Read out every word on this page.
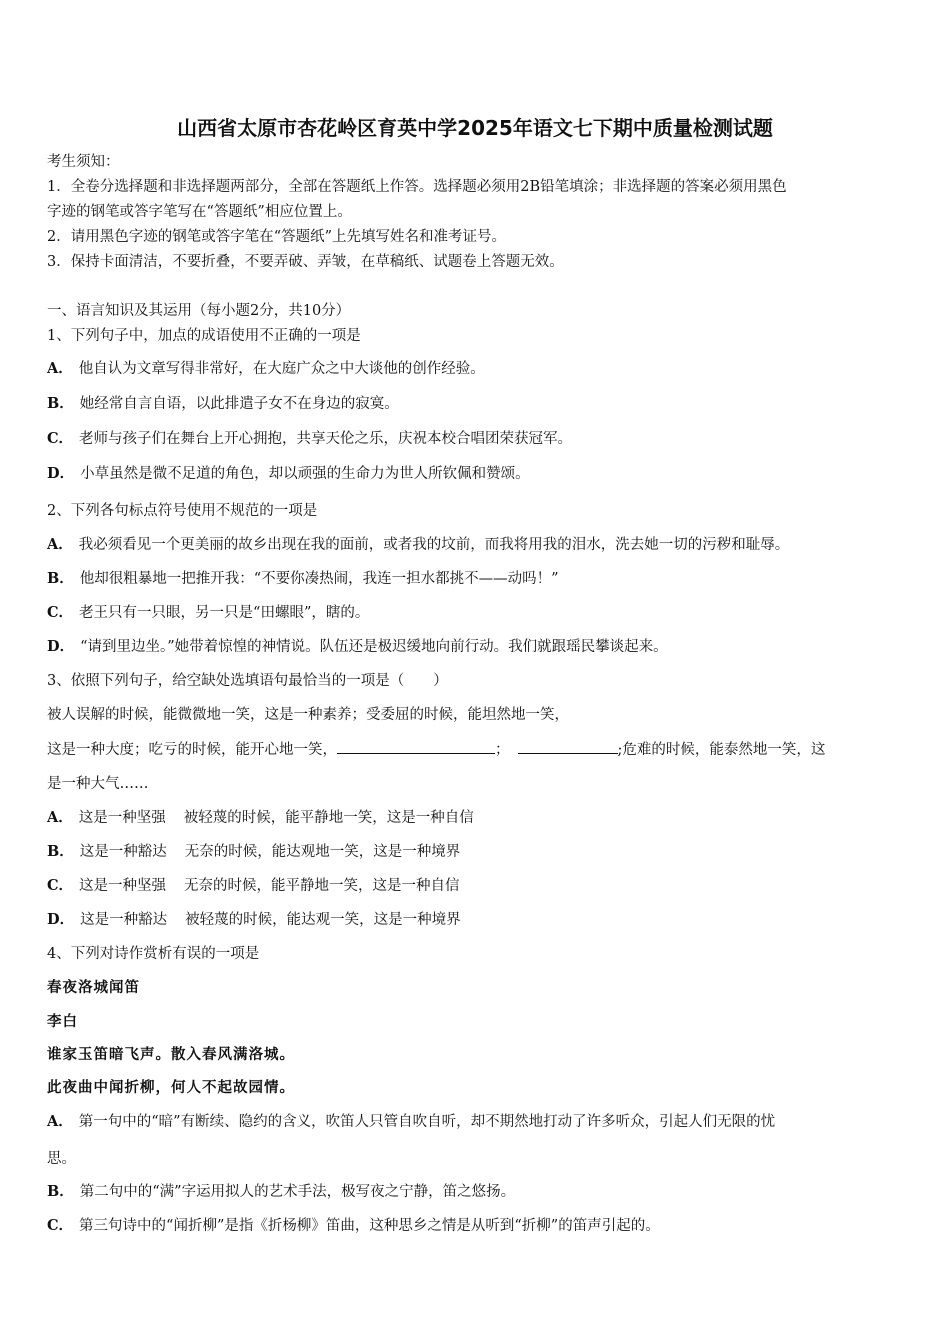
山西省太原市杏花岭区育英中学2025年语文七下期中质量检测试题
考生须知：
1．全卷分选择题和非选择题两部分，全部在答题纸上作答。选择题必须用2B铅笔填涂；非选择题的答案必须用黑色
字迹的钢笔或答字笔写在“答题纸”相应位置上。
2．请用黑色字迹的钢笔或答字笔在“答题纸”上先填写姓名和准考证号。
3．保持卡面清洁，不要折叠，不要弄破、弄皱，在草稿纸、试题卷上答题无效。
一、语言知识及其运用（每小题2分，共10分）
1、下列句子中，加点的成语使用不正确的一项是
A． 他自认为文章写得非常好，在大庭广众之中大谈他的创作经验。
B． 她经常自言自语，以此排遣子女不在身边的寂寞。
C． 老师与孩子们在舞台上开心拥抱，共享天伦之乐，庆祝本校合唱团荣获冠军。
D． 小草虽然是微不足道的角色，却以顽强的生命力为世人所钦佩和赞颂。
2、下列各句标点符号使用不规范的一项是
A． 我必须看见一个更美丽的故乡出现在我的面前，或者我的坟前，而我将用我的泪水，洗去她一切的污秽和耻辱。
B． 他却很粗暴地一把推开我：“不要你凑热闹，我连一担水都挑不——动吗！”
C． 老王只有一只眼，另一只是“田螺眼”，瞎的。
D． “请到里边坐。”她带着惊惶的神情说。队伍还是极迟缓地向前行动。我们就跟瑶民攀谈起来。
3、依照下列句子，给空缺处选填语句最恰当的一项是（　　）
被人误解的时候，能微微地一笑，这是一种素养；受委屈的时候，能坦然地一笑，
这是一种大度；吃亏的时候，能开心地一笑，	；	;危难的时候，能泰然地一笑，这
是一种大气……
A． 这是一种坚强 被轻蔑的时候，能平静地一笑，这是一种自信
B． 这是一种豁达 无奈的时候，能达观地一笑，这是一种境界
C． 这是一种坚强 无奈的时候，能平静地一笑，这是一种自信
D． 这是一种豁达 被轻蔑的时候，能达观一笑，这是一种境界
4、下列对诗作赏析有误的一项是
春夜洛城闻笛
李白
谁家玉笛暗飞声。散入春风满洛城。
此夜曲中闻折柳，何人不起故园情。
A． 第一句中的“暗”有断续、隐约的含义，吹笛人只管自吹自听，却不期然地打动了许多听众，引起人们无限的忧
思。
B． 第二句中的“满”字运用拟人的艺术手法，极写夜之宁静，笛之悠扬。
C． 第三句诗中的“闻折柳”是指《折杨柳》笛曲，这种思乡之情是从听到“折柳”的笛声引起的。
